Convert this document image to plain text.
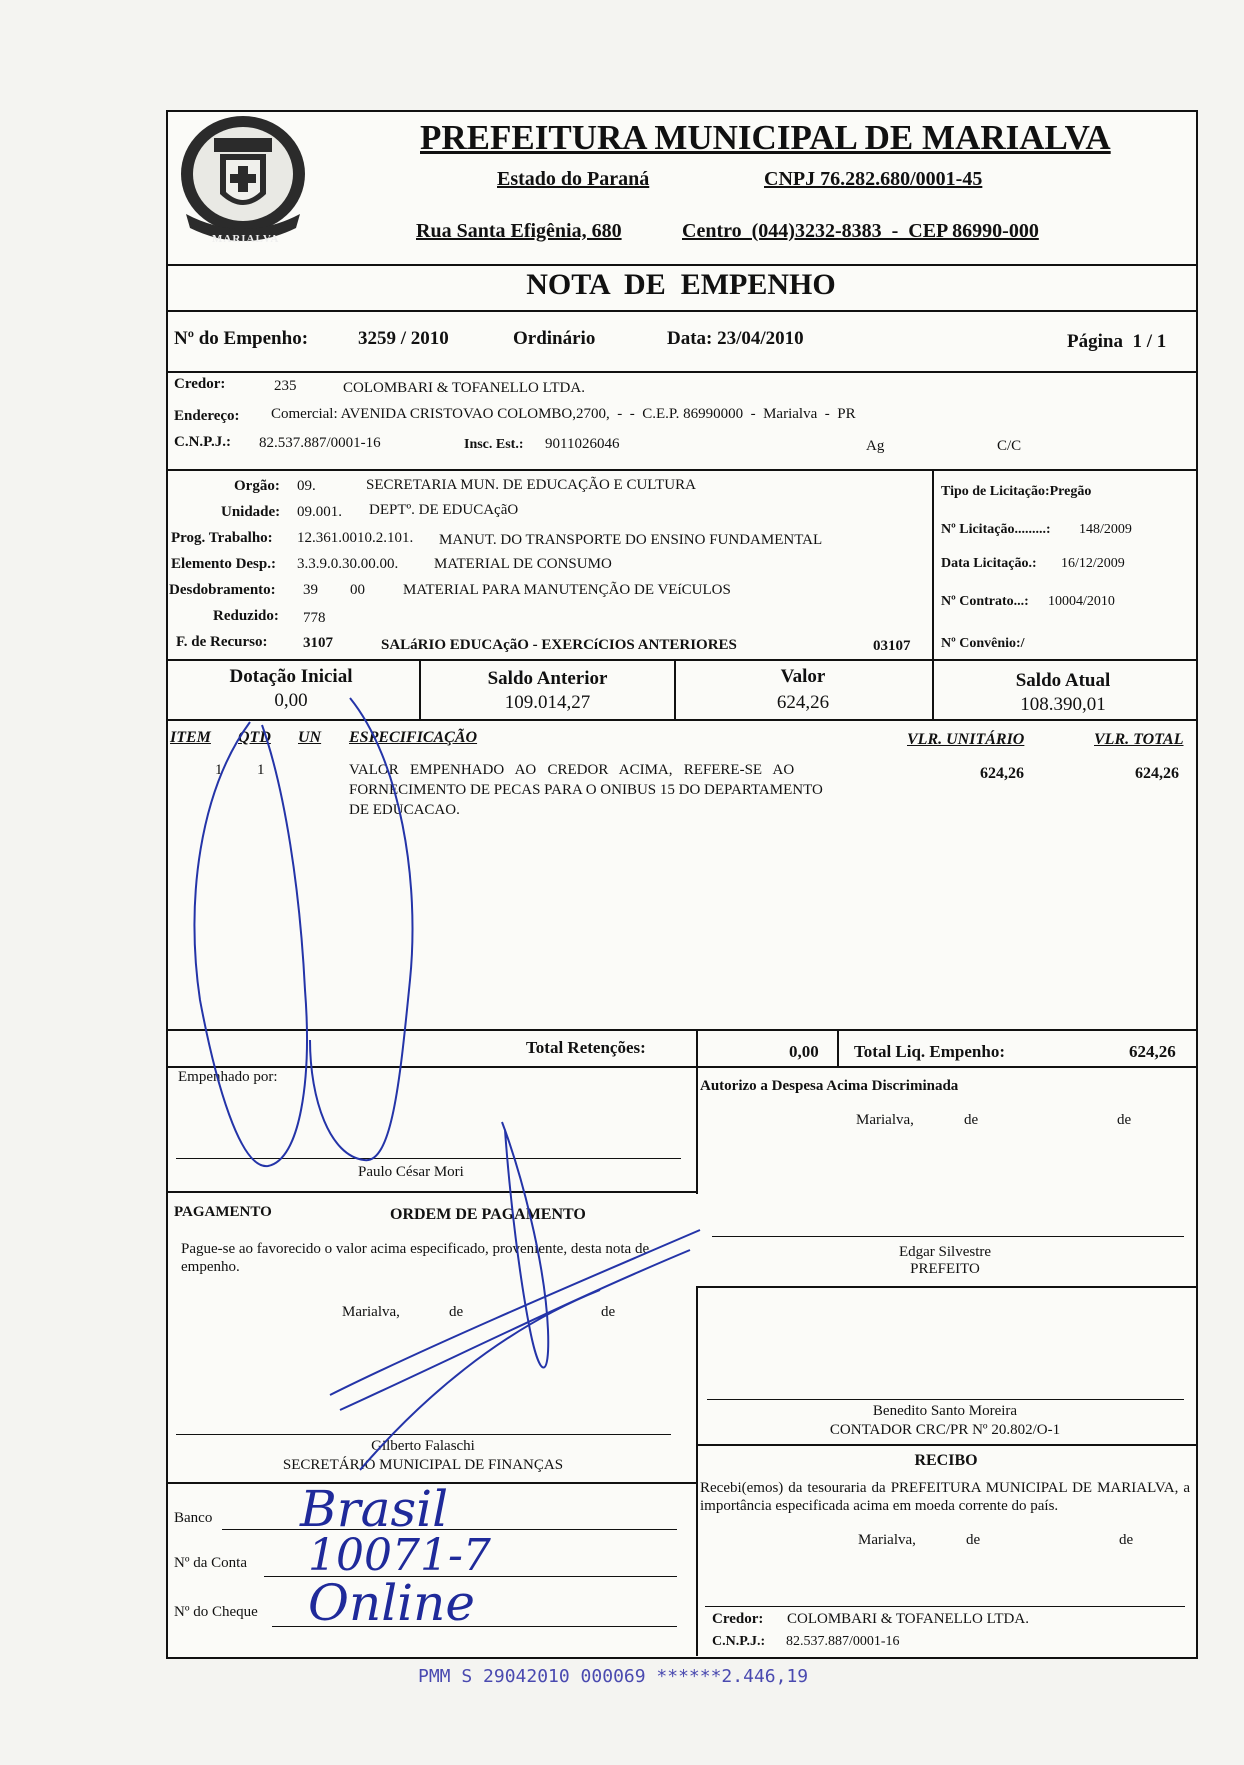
MARIALVA
PREFEITURA MUNICIPAL DE MARIALVA
Estado do Paraná	CNPJ 76.282.680/0001-45
Rua Santa Efigênia, 680	Centro  (044)3232-8383  -  CEP 86990-000
NOTA  DE  EMPENHO
Nº do Empenho:	3259 / 2010	Ordinário	Data: 23/04/2010	Página  1 / 1
Credor:	235	COLOMBARI & TOFANELLO LTDA.
Endereço: Comercial: AVENIDA CRISTOVAO COLOMBO,2700,  -  -  C.E.P. 86990000  -  Marialva  -  PR
C.N.P.J.: 82.537.887/0001-16	Insc. Est.: 9011026046	Ag	C/C
Orgão: 09.	SECRETARIA MUN. DE EDUCAÇÃO E CULTURA
Unidade: 09.001. DEPTº. DE EDUCAçãO
Prog. Trabalho: 12.361.0010.2.101. MANUT. DO TRANSPORTE DO ENSINO FUNDAMENTAL
Elemento Desp.: 3.3.9.0.30.00.00. MATERIAL DE CONSUMO
Desdobramento: 39 00	MATERIAL PARA MANUTENÇÃO DE VEíCULOS
Reduzido: 778
F. de Recurso: 3107	SALáRIO EDUCAçãO - EXERCíCIOS ANTERIORES	03107
Tipo de Licitação:Pregão
Nº Licitação.........: 148/2009
Data Licitação.: 16/12/2009
Nº Contrato...: 10004/2010
Nº Convênio:/
Dotação Inicial
0,00
Saldo Anterior
109.014,27
Valor
624,26
Saldo Atual
108.390,01
ITEM QTD UN ESPECIFICAÇÃO	VLR. UNITÁRIO	VLR. TOTAL
1 1	VALOR   EMPENHADO   AO   CREDOR   ACIMA,   REFERE-SE   AO
FORNECIMENTO DE PECAS PARA O ONIBUS 15 DO DEPARTAMENTO
DE EDUCACAO.
624,26	624,26
Total Retenções:	0,00 Total Liq. Empenho:	624,26
Empenhado por:
Paulo César Mori
Autorizo a Despesa Acima Discriminada
Marialva,	de	de
Edgar Silvestre
PREFEITO
PAGAMENTO	ORDEM DE PAGAMENTO
Pague-se ao favorecido o valor acima especificado, proveniente, desta nota de empenho.
Marialva,	de	de
Gilberto Falaschi
SECRETÁRIO MUNICIPAL DE FINANÇAS
Banco Brasil
Nº da Conta 10071-7
Nº do Cheque Online
Benedito Santo Moreira
CONTADOR CRC/PR Nº 20.802/O-1
RECIBO
Recebi(emos) da tesouraria da PREFEITURA MUNICIPAL DE MARIALVA, a importância especificada acima em moeda corrente do país.
Marialva,	de	de
Credor: COLOMBARI & TOFANELLO LTDA.
C.N.P.J.: 82.537.887/0001-16
PMM S 29042010 000069 ******2.446,19
